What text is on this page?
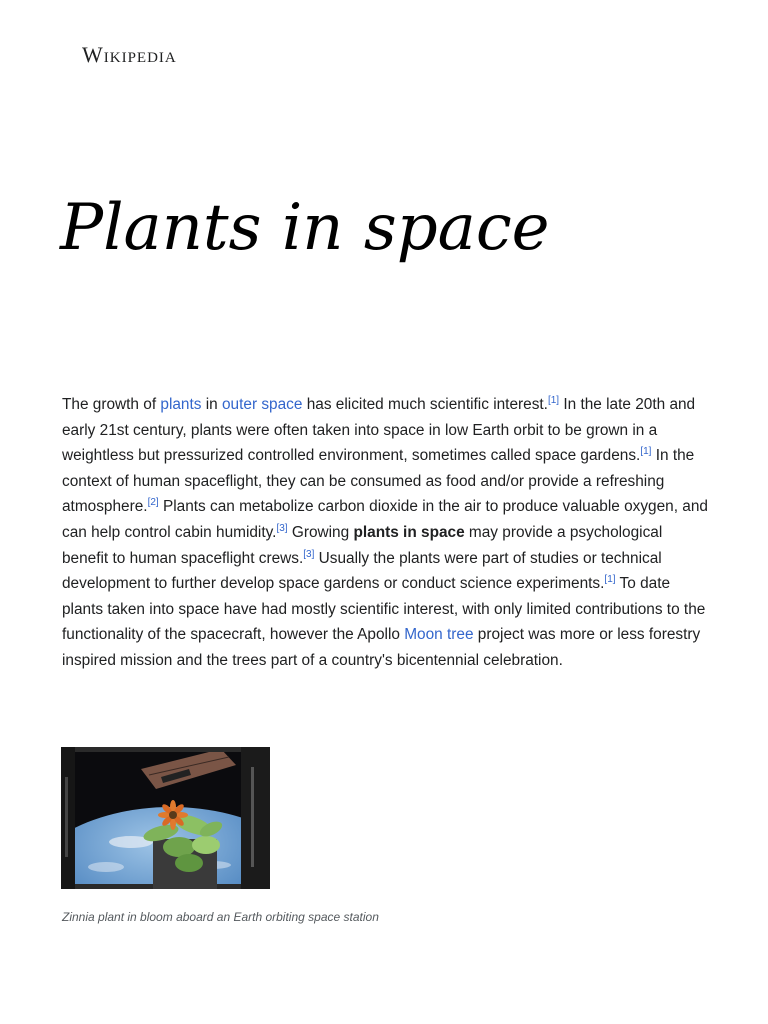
Wikipedia
Plants in space

The growth of plants in outer space has elicited much scientific interest.[1] In the late 20th and early 21st century, plants were often taken into space in low Earth orbit to be grown in a weightless but pressurized controlled environment, sometimes called space gardens.[1] In the context of human spaceflight, they can be consumed as food and/or provide a refreshing atmosphere.[2] Plants can metabolize carbon dioxide in the air to produce valuable oxygen, and can help control cabin humidity.[3] Growing plants in space may provide a psychological benefit to human spaceflight crews.[3] Usually the plants were part of studies or technical development to further develop space gardens or conduct science experiments.[1] To date plants taken into space have had mostly scientific interest, with only limited contributions to the functionality of the spacecraft, however the Apollo Moon tree project was more or less forestry inspired mission and the trees part of a country's bicentennial celebration.

Zinnia plant in bloom aboard an Earth orbiting space station
